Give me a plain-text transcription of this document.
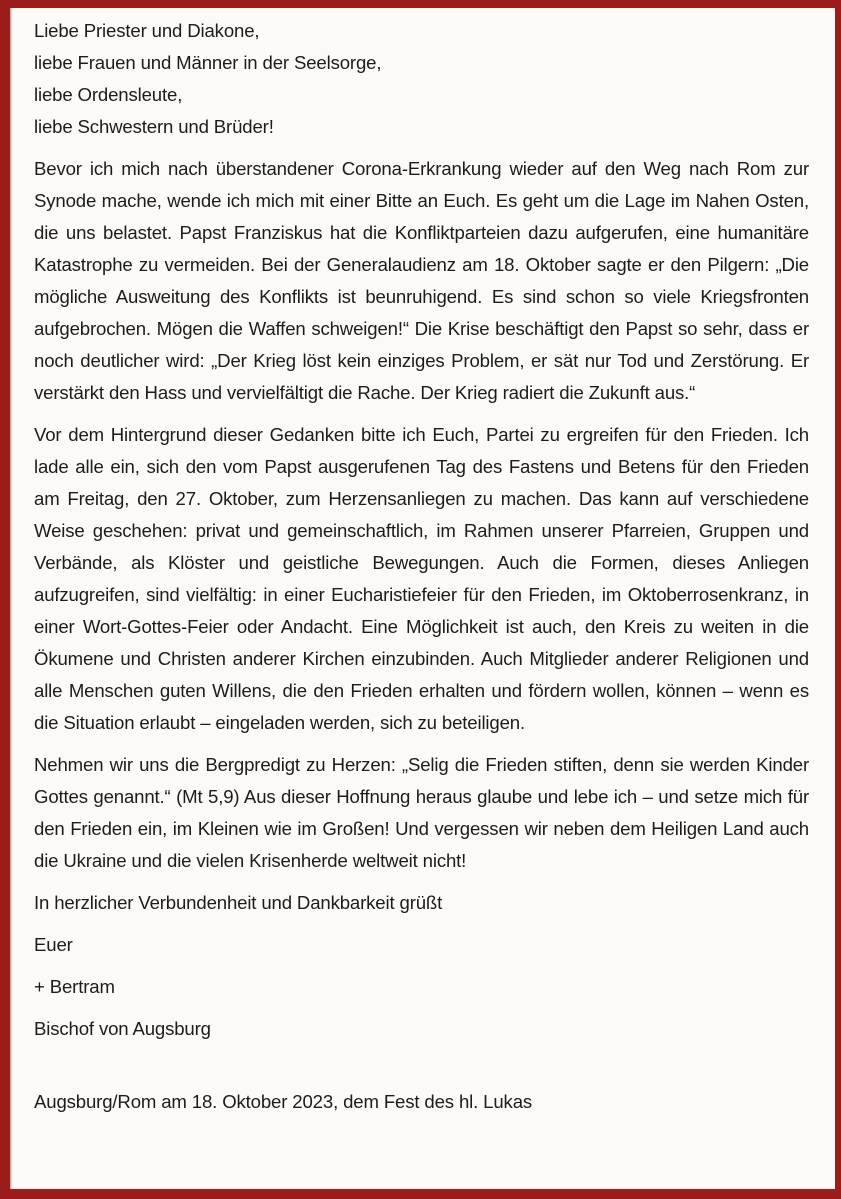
Liebe Priester und Diakone,
liebe Frauen und Männer in der Seelsorge,
liebe Ordensleute,
liebe Schwestern und Brüder!

Bevor ich mich nach überstandener Corona-Erkrankung wieder auf den Weg nach Rom zur Synode mache, wende ich mich mit einer Bitte an Euch. Es geht um die Lage im Nahen Osten, die uns belastet. Papst Franziskus hat die Konfliktparteien dazu aufgerufen, eine humanitäre Katastrophe zu vermeiden. Bei der Generalaudienz am 18. Oktober sagte er den Pilgern: „Die mögliche Ausweitung des Konflikts ist beunruhigend. Es sind schon so viele Kriegsfronten aufgebrochen. Mögen die Waffen schweigen!“ Die Krise beschäftigt den Papst so sehr, dass er noch deutlicher wird: „Der Krieg löst kein einziges Problem, er sät nur Tod und Zerstörung. Er verstärkt den Hass und vervielfältigt die Rache. Der Krieg radiert die Zukunft aus.“

Vor dem Hintergrund dieser Gedanken bitte ich Euch, Partei zu ergreifen für den Frieden. Ich lade alle ein, sich den vom Papst ausgerufenen Tag des Fastens und Betens für den Frieden am Freitag, den 27. Oktober, zum Herzensanliegen zu machen. Das kann auf verschiedene Weise geschehen: privat und gemeinschaftlich, im Rahmen unserer Pfarreien, Gruppen und Verbände, als Klöster und geistliche Bewegungen. Auch die Formen, dieses Anliegen aufzugreifen, sind vielfältig: in einer Eucharistiefeier für den Frieden, im Oktoberrosenkranz, in einer Wort-Gottes-Feier oder Andacht. Eine Möglichkeit ist auch, den Kreis zu weiten in die Ökumene und Christen anderer Kirchen einzubinden. Auch Mitglieder anderer Religionen und alle Menschen guten Willens, die den Frieden erhalten und fördern wollen, können – wenn es die Situation erlaubt – eingeladen werden, sich zu beteiligen.

Nehmen wir uns die Bergpredigt zu Herzen: „Selig die Frieden stiften, denn sie werden Kinder Gottes genannt.“ (Mt 5,9) Aus dieser Hoffnung heraus glaube und lebe ich – und setze mich für den Frieden ein, im Kleinen wie im Großen! Und vergessen wir neben dem Heiligen Land auch die Ukraine und die vielen Krisenherde weltweit nicht!

In herzlicher Verbundenheit und Dankbarkeit grüßt
Euer
+ Bertram
Bischof von Augsburg
Augsburg/Rom am 18. Oktober 2023, dem Fest des hl. Lukas
